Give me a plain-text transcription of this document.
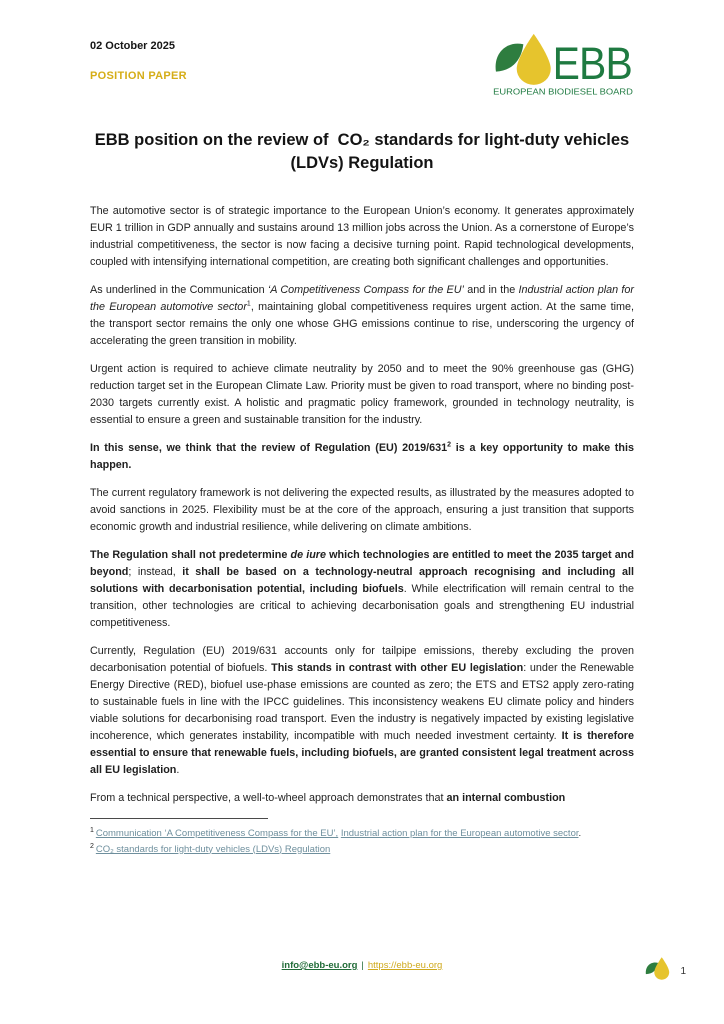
02 October 2025
POSITION PAPER	EBB
EUROPEAN BIODIESEL BOARD
EBB position on the review of  CO₂ standards for light-duty vehicles (LDVs) Regulation

The automotive sector is of strategic importance to the European Union’s economy. It generates approximately EUR 1 trillion in GDP annually and sustains around 13 million jobs across the Union. As a cornerstone of Europe’s industrial competitiveness, the sector is now facing a decisive turning point. Rapid technological developments, coupled with intensifying international competition, are creating both significant challenges and opportunities.

As underlined in the Communication ‘A Competitiveness Compass for the EU’ and in the Industrial action plan for the European automotive sector$^1$, maintaining global competitiveness requires urgent action. At the same time, the transport sector remains the only one whose GHG emissions continue to rise, underscoring the urgency of accelerating the green transition in mobility.

Urgent action is required to achieve climate neutrality by 2050 and to meet the 90% greenhouse gas (GHG) reduction target set in the European Climate Law. Priority must be given to road transport, where no binding post-2030 targets currently exist. A holistic and pragmatic policy framework, grounded in technology neutrality, is essential to ensure a green and sustainable transition for the industry.

In this sense, we think that the review of Regulation (EU) $2019/631^2$ is a key opportunity to make this happen.

The current regulatory framework is not delivering the expected results, as illustrated by the measures adopted to avoid sanctions in 2025. Flexibility must be at the core of the approach, ensuring a just transition that supports economic growth and industrial resilience, while delivering on climate ambitions.

The Regulation shall not predetermine de iure which technologies are entitled to meet the 2035 target and beyond; instead, it shall be based on a technology-neutral approach recognising and including all solutions with decarbonisation potential, including biofuels. While electrification will remain central to the transition, other technologies are critical to achieving decarbonisation goals and strengthening EU industrial competitiveness.

Currently, Regulation (EU) 2019/631 accounts only for tailpipe emissions, thereby excluding the proven decarbonisation potential of biofuels. This stands in contrast with other EU legislation: under the Renewable Energy Directive (RED), biofuel use-phase emissions are counted as zero; the ETS and ETS2 apply zero-rating to sustainable fuels in line with the IPCC guidelines. This inconsistency weakens EU climate policy and hinders viable solutions for decarbonising road transport. Even the industry is negatively impacted by existing legislative incoherence, which generates instability, incompatible with much needed investment certainty. It is therefore essential to ensure that renewable fuels, including biofuels, are granted consistent legal treatment across all EU legislation.

From a technical perspective, a well-to-wheel approach demonstrates that an internal combustion

$^1$ Communication ‘A Competitiveness Compass for the EU’, Industrial action plan for the European automotive sector.
$^2$ CO₂ standards for light-duty vehicles (LDVs) Regulation
info@ebb-eu.org | https://ebb-eu.org
1
